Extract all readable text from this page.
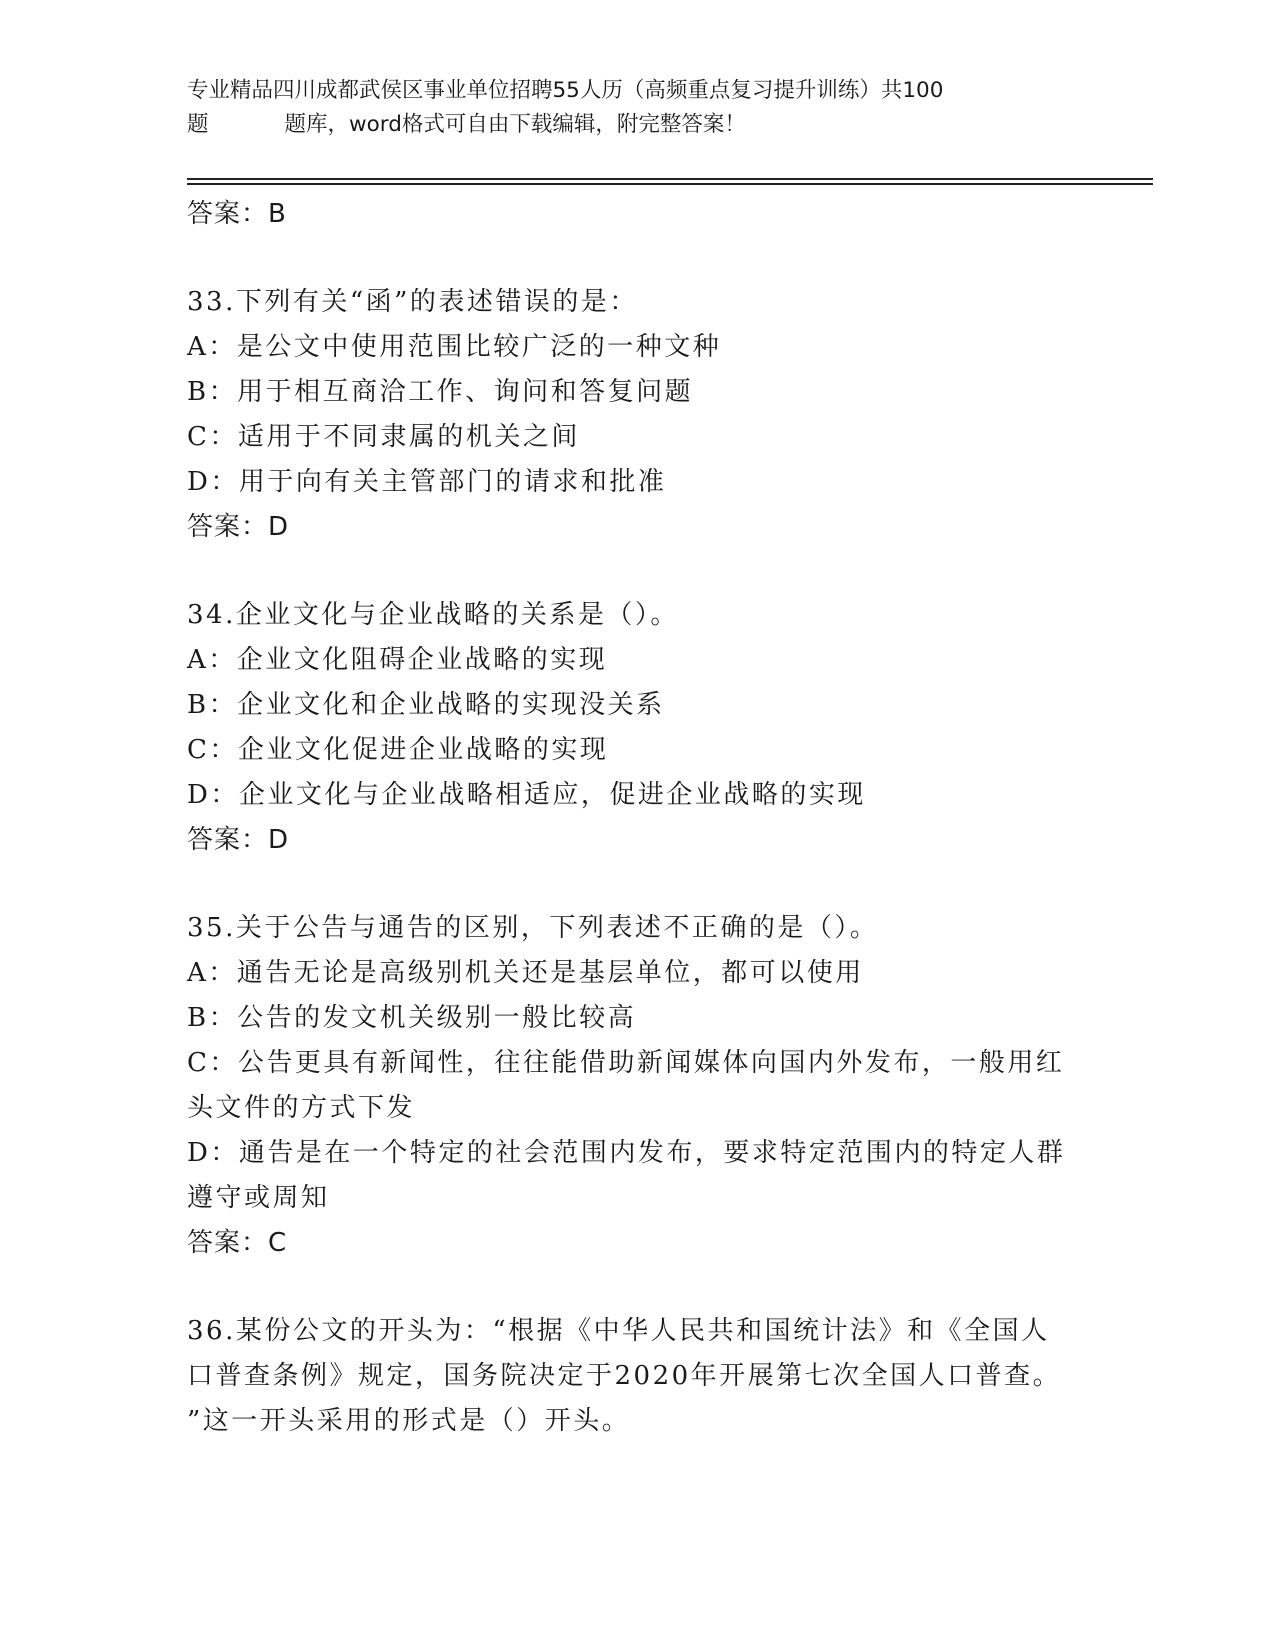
专业精品四川成都武侯区事业单位招聘55人历（高频重点复习提升训练）共100
题	题库，word格式可自由下载编辑，附完整答案！
答案：B
33.下列有关“函”的表述错误的是：
A：是公文中使用范围比较广泛的一种文种
B：用于相互商洽工作、询问和答复问题
C：适用于不同隶属的机关之间
D：用于向有关主管部门的请求和批准
答案：D
34.企业文化与企业战略的关系是（）。
A：企业文化阻碍企业战略的实现
B：企业文化和企业战略的实现没关系
C：企业文化促进企业战略的实现
D：企业文化与企业战略相适应，促进企业战略的实现
答案：D
35.关于公告与通告的区别，下列表述不正确的是（）。
A：通告无论是高级别机关还是基层单位，都可以使用
B：公告的发文机关级别一般比较高
C：公告更具有新闻性，往往能借助新闻媒体向国内外发布，一般用红
头文件的方式下发
D：通告是在一个特定的社会范围内发布，要求特定范围内的特定人群
遵守或周知
答案：C
36.某份公文的开头为：“根据《中华人民共和国统计法》和《全国人
口普查条例》规定，国务院决定于2020年开展第七次全国人口普查。
”这一开头采用的形式是（）开头。
